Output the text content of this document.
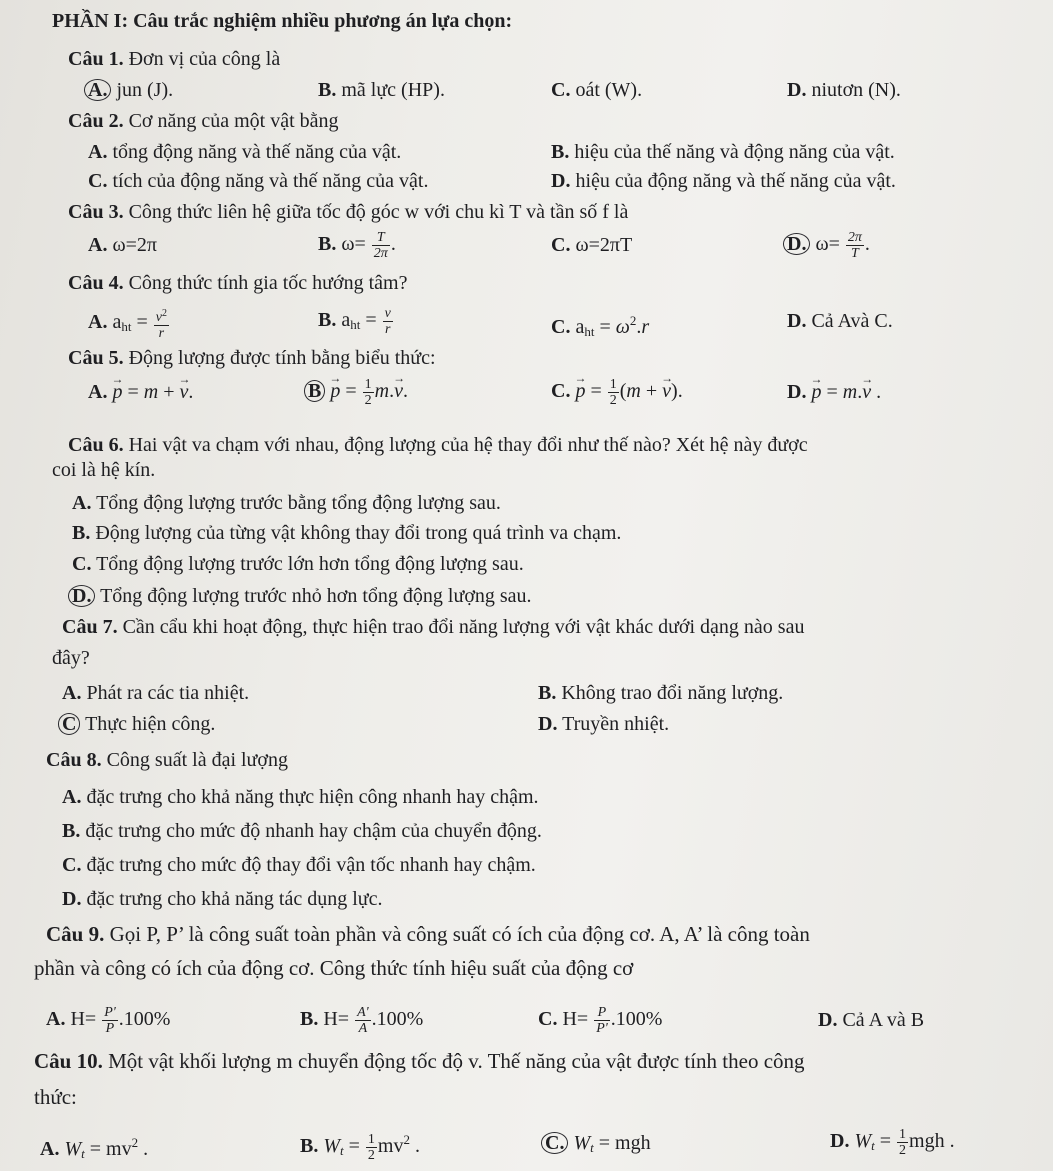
PHẦN I: Câu trắc nghiệm nhiều phương án lựa chọn:
Câu 1. Đơn vị của công là
A. jun (J).	B. mã lực (HP).	C. oát (W).	D. niutơn (N).
Câu 2. Cơ năng của một vật bằng
A. tổng động năng và thế năng của vật.	B. hiệu của thế năng và động năng của vật.
C. tích của động năng và thế năng của vật.	D. hiệu của động năng và thế năng của vật.
Câu 3. Công thức liên hệ giữa tốc độ góc w với chu kì T và tần số f là
A. ω=2π	B. $\omega= \frac{T}{2\pi}$ .	C. ω=2πT	D. $\omega= \frac{2\pi}{T}$ .
Câu 4. Công thức tính gia tốc hướng tâm?
A. $a_{ht} = \frac{v^2}{r}$	B. $a_{ht} = \frac{v}{r}$	C. $a_{ht} = \omega^2.r$	D. Cả Avà C.
Câu 5. Động lượng được tính bằng biểu thức:
A. → p = m + → v.	$B \to p = \frac{1}{2} m.\to v$.	C. → $p = \frac{1}{2} (m$ + → v).	D. → p = m.→ v .
Câu 6. Hai vật va chạm với nhau, động lượng của hệ thay đổi như thế nào? Xét hệ này được
coi là hệ kín.
A. Tổng động lượng trước bằng tổng động lượng sau.
B. Động lượng của từng vật không thay đổi trong quá trình va chạm.
C. Tổng động lượng trước lớn hơn tổng động lượng sau.
D. Tổng động lượng trước nhỏ hơn tổng động lượng sau.
Câu 7. Cần cẩu khi hoạt động, thực hiện trao đổi năng lượng với vật khác dưới dạng nào sau
đây?
A. Phát ra các tia nhiệt.	B. Không trao đổi năng lượng.
C Thực hiện công.	D. Truyền nhiệt.
Câu 8. Công suất là đại lượng
A. đặc trưng cho khả năng thực hiện công nhanh hay chậm.
B. đặc trưng cho mức độ nhanh hay chậm của chuyển động.
C. đặc trưng cho mức độ thay đổi vận tốc nhanh hay chậm.
D. đặc trưng cho khả năng tác dụng lực.
Câu 9. Gọi P, P’ là công suất toàn phần và công suất có ích của động cơ. A, A’ là công toàn
phần và công có ích của động cơ. Công thức tính hiệu suất của động cơ
A. $H= \frac{P'}{P} .100\%$	B. $H= \frac{A'}{A} .100\%$	C. $H= \frac{P}{P'} .100\%$	D. Cả A và B
Câu 10. Một vật khối lượng m chuyển động tốc độ v. Thế năng của vật được tính theo công
thức:
A. $W_t = mv^2$ .	B. $W_t = \frac{1}{2} mv^2$ .	C. $W_t$ = mgh	D. $W_t = \frac{1}{2}$ mgh .
